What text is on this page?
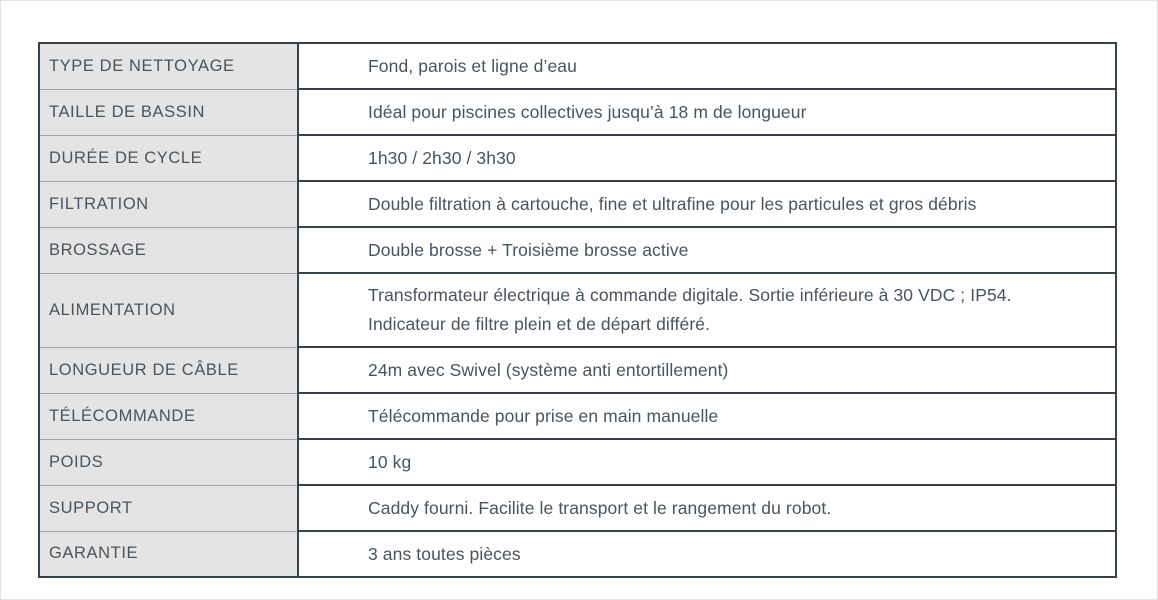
TYPE DE NETTOYAGE	Fond, parois et ligne d’eau

TAILLE DE BASSIN	Idéal pour piscines collectives jusqu’à 18 m de longueur

DURÉE DE CYCLE	1h30 / 2h30 / 3h30

FILTRATION	Double filtration à cartouche, fine et ultrafine pour les particules et gros débris

BROSSAGE	Double brosse + Troisième brosse active

ALIMENTATION	Transformateur électrique à commande digitale. Sortie inférieure à 30 VDC ; IP54.
Indicateur de filtre plein et de départ différé.

LONGUEUR DE CÂBLE	24m avec Swivel (système anti entortillement)

TÉLÉCOMMANDE	Télécommande pour prise en main manuelle

POIDS	10 kg

SUPPORT	Caddy fourni. Facilite le transport et le rangement du robot.

GARANTIE	3 ans toutes pièces
